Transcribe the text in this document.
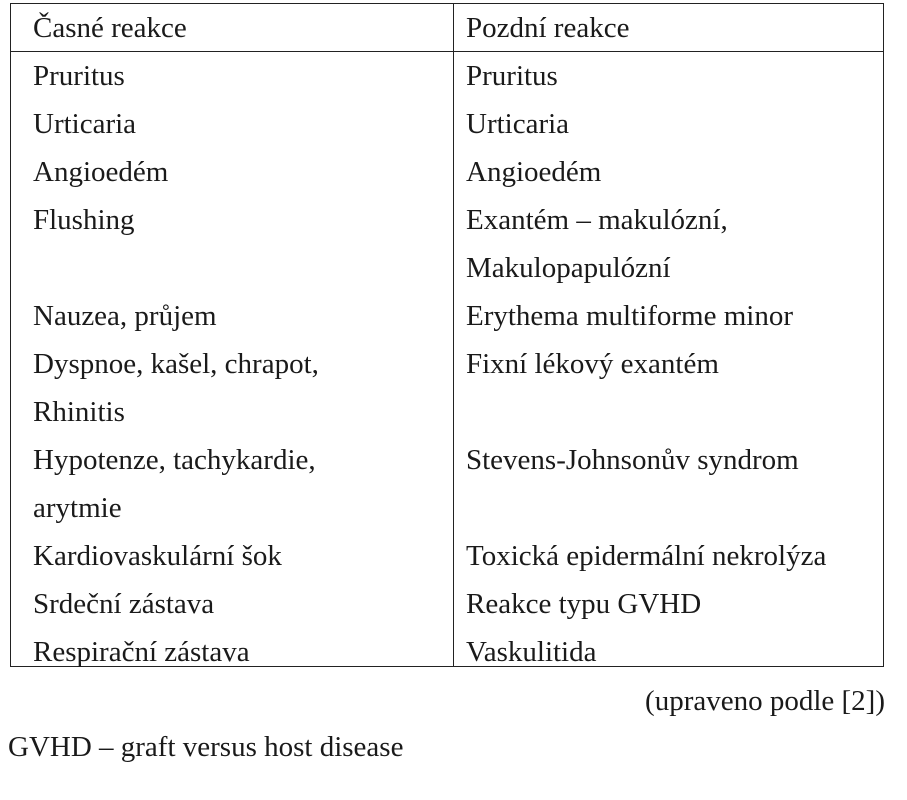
Časné reakce	Pozdní reakce
Pruritus
Urticaria
Angioedém
Flushing
Nauzea, průjem
Dyspnoe, kašel, chrapot,
Rhinitis
Hypotenze, tachykardie,
arytmie
Kardiovaskulární šok
Srdeční zástava
Respirační zástava
Pruritus
Urticaria
Angioedém
Exantém – makulózní,
Makulopapulózní
Erythema multiforme minor
Fixní lékový exantém
Stevens-Johnsonův syndrom
Toxická epidermální nekrolýza
Reakce typu GVHD
Vaskulitida
(upraveno podle [2])
GVHD – graft versus host disease
